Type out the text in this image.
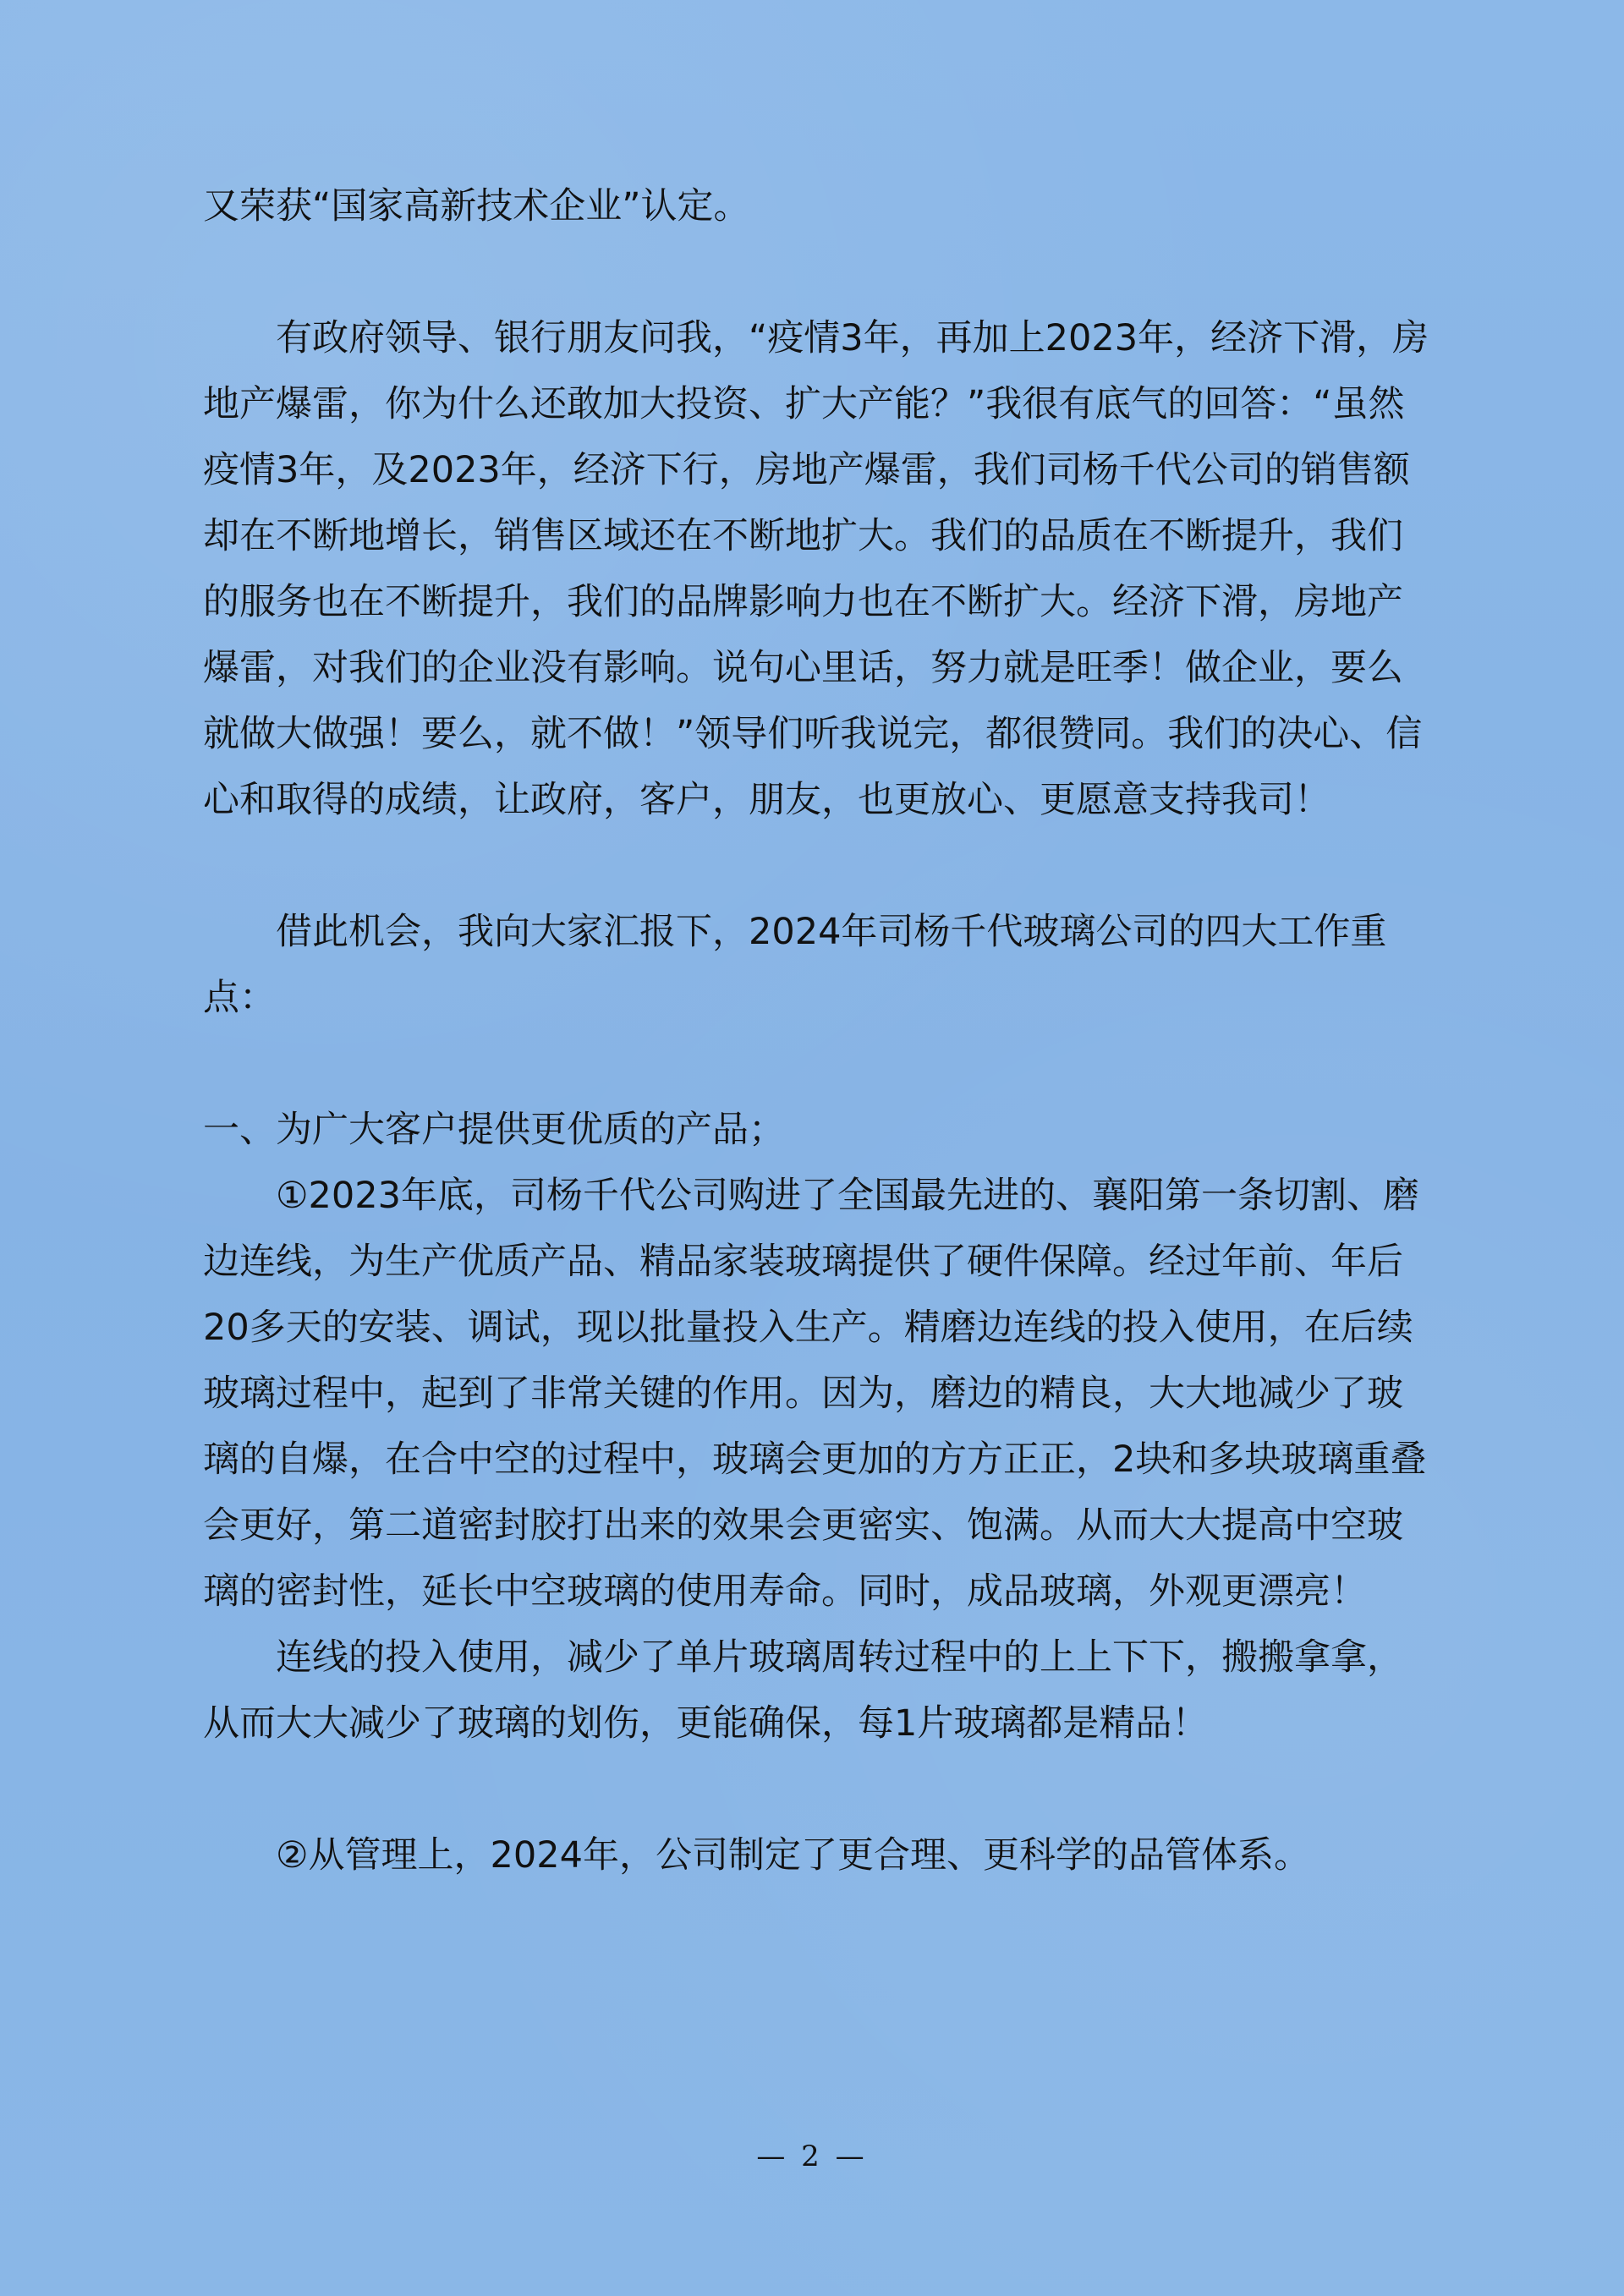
又荣获“国家高新技术企业”认定。

有政府领导、银行朋友问我，“疫情3年，再加上2023年，经济下滑，房地产爆雷，你为什么还敢加大投资、扩大产能？”我很有底气的回答：“虽然疫情3年，及2023年，经济下行，房地产爆雷，我们司杨千代公司的销售额却在不断地增长，销售区域还在不断地扩大。我们的品质在不断提升，我们的服务也在不断提升，我们的品牌影响力也在不断扩大。经济下滑，房地产爆雷，对我们的企业没有影响。说句心里话，努力就是旺季！做企业，要么就做大做强！要么，就不做！”领导们听我说完，都很赞同。我们的决心、信心和取得的成绩，让政府，客户，朋友，也更放心、更愿意支持我司！

借此机会，我向大家汇报下，2024年司杨千代玻璃公司的四大工作重点：

一、为广大客户提供更优质的产品；

①2023年底，司杨千代公司购进了全国最先进的、襄阳第一条切割、磨边连线，为生产优质产品、精品家装玻璃提供了硬件保障。经过年前、年后20多天的安装、调试，现以批量投入生产。精磨边连线的投入使用，在后续玻璃过程中，起到了非常关键的作用。因为，磨边的精良，大大地减少了玻璃的自爆，在合中空的过程中，玻璃会更加的方方正正，2块和多块玻璃重叠会更好，第二道密封胶打出来的效果会更密实、饱满。从而大大提高中空玻璃的密封性，延长中空玻璃的使用寿命。同时，成品玻璃，外观更漂亮！

连线的投入使用，减少了单片玻璃周转过程中的上上下下，搬搬拿拿，从而大大减少了玻璃的划伤，更能确保，每1片玻璃都是精品！

②从管理上，2024年，公司制定了更合理、更科学的品管体系。

— 2 —
